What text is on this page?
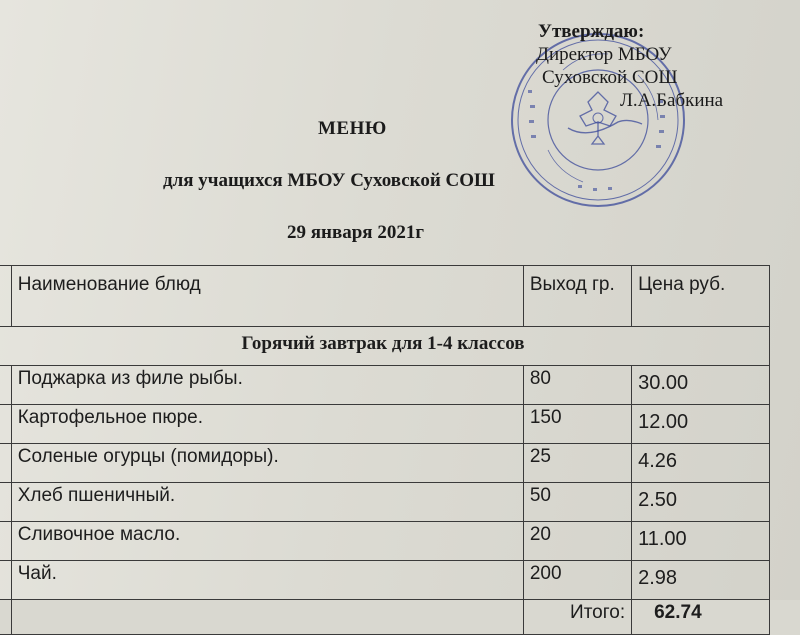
Утверждаю:
Директор МБОУ
Суховской СОШ
Л.А.Бабкина
МЕНЮ
для учащихся МБОУ Суховской СОШ
29 января 2021г
	Наименование блюд	Выход гр.	Цена руб.
Горячий завтрак для 1-4 классов			
	Поджарка из филе рыбы.	80	30.00
	Картофельное пюре.	150	12.00
	Соленые огурцы (помидоры).	25	4.26
	Хлеб пшеничный.	50	2.50
	Сливочное масло.	20	11.00
	Чай.	200	2.98
		Итого:	62.74
